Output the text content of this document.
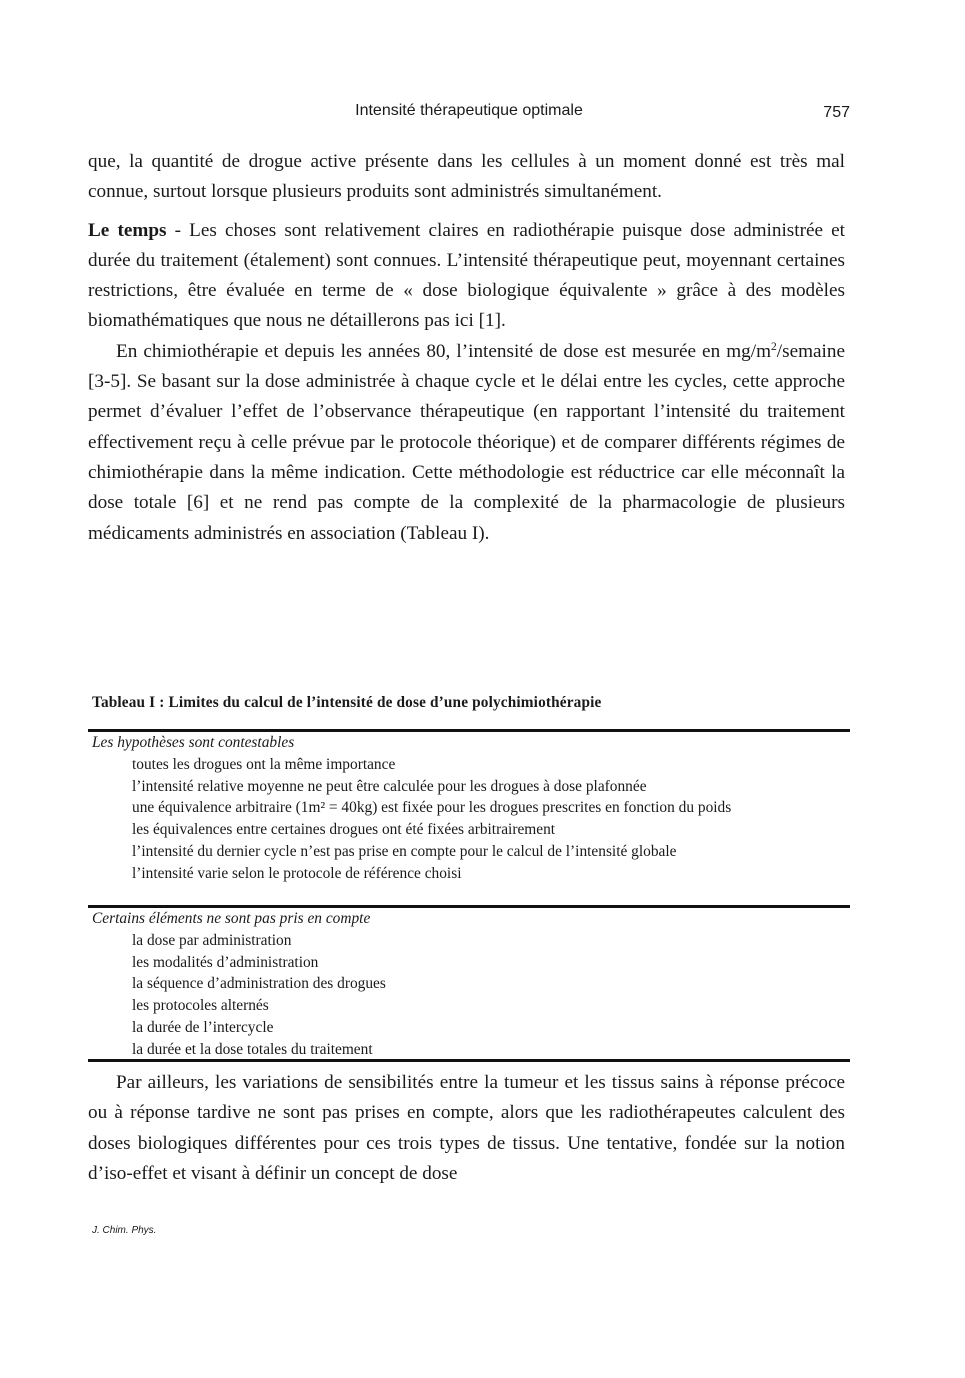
Intensité thérapeutique optimale	757

que, la quantité de drogue active présente dans les cellules à un moment donné est très mal connue, surtout lorsque plusieurs produits sont administrés simultanément.

Le temps - Les choses sont relativement claires en radiothérapie puisque dose administrée et durée du traitement (étalement) sont connues. L’intensité thérapeutique peut, moyennant certaines restrictions, être évaluée en terme de « dose biologique équivalente » grâce à des modèles biomathématiques que nous ne détaillerons pas ici [1].

En chimiothérapie et depuis les années 80, l’intensité de dose est mesurée en $mg/m^2$/semaine [3-5]. Se basant sur la dose administrée à chaque cycle et le délai entre les cycles, cette approche permet d’évaluer l’effet de l’observance thérapeutique (en rapportant l’intensité du traitement effectivement reçu à celle prévue par le protocole théorique) et de comparer différents régimes de chimiothérapie dans la même indication. Cette méthodologie est réductrice car elle méconnaît la dose totale [6] et ne rend pas compte de la complexité de la pharmacologie de plusieurs médicaments administrés en association (Tableau I).

Tableau I : Limites du calcul de l’intensité de dose d’une polychimiothérapie
Les hypothèses sont contestables
toutes les drogues ont la même importance
l’intensité relative moyenne ne peut être calculée pour les drogues à dose plafonnée
une équivalence arbitraire (1m² = 40kg) est fixée pour les drogues prescrites en fonction du poids
les équivalences entre certaines drogues ont été fixées arbitrairement
l’intensité du dernier cycle n’est pas prise en compte pour le calcul de l’intensité globale
l’intensité varie selon le protocole de référence choisi
Certains éléments ne sont pas pris en compte
la dose par administration
les modalités d’administration
la séquence d’administration des drogues
les protocoles alternés
la durée de l’intercycle
la durée et la dose totales du traitement

Par ailleurs, les variations de sensibilités entre la tumeur et les tissus sains à réponse précoce ou à réponse tardive ne sont pas prises en compte, alors que les radiothérapeutes calculent des doses biologiques différentes pour ces trois types de tissus. Une tentative, fondée sur la notion d’iso-effet et visant à définir un concept de dose

J. Chim. Phys.
